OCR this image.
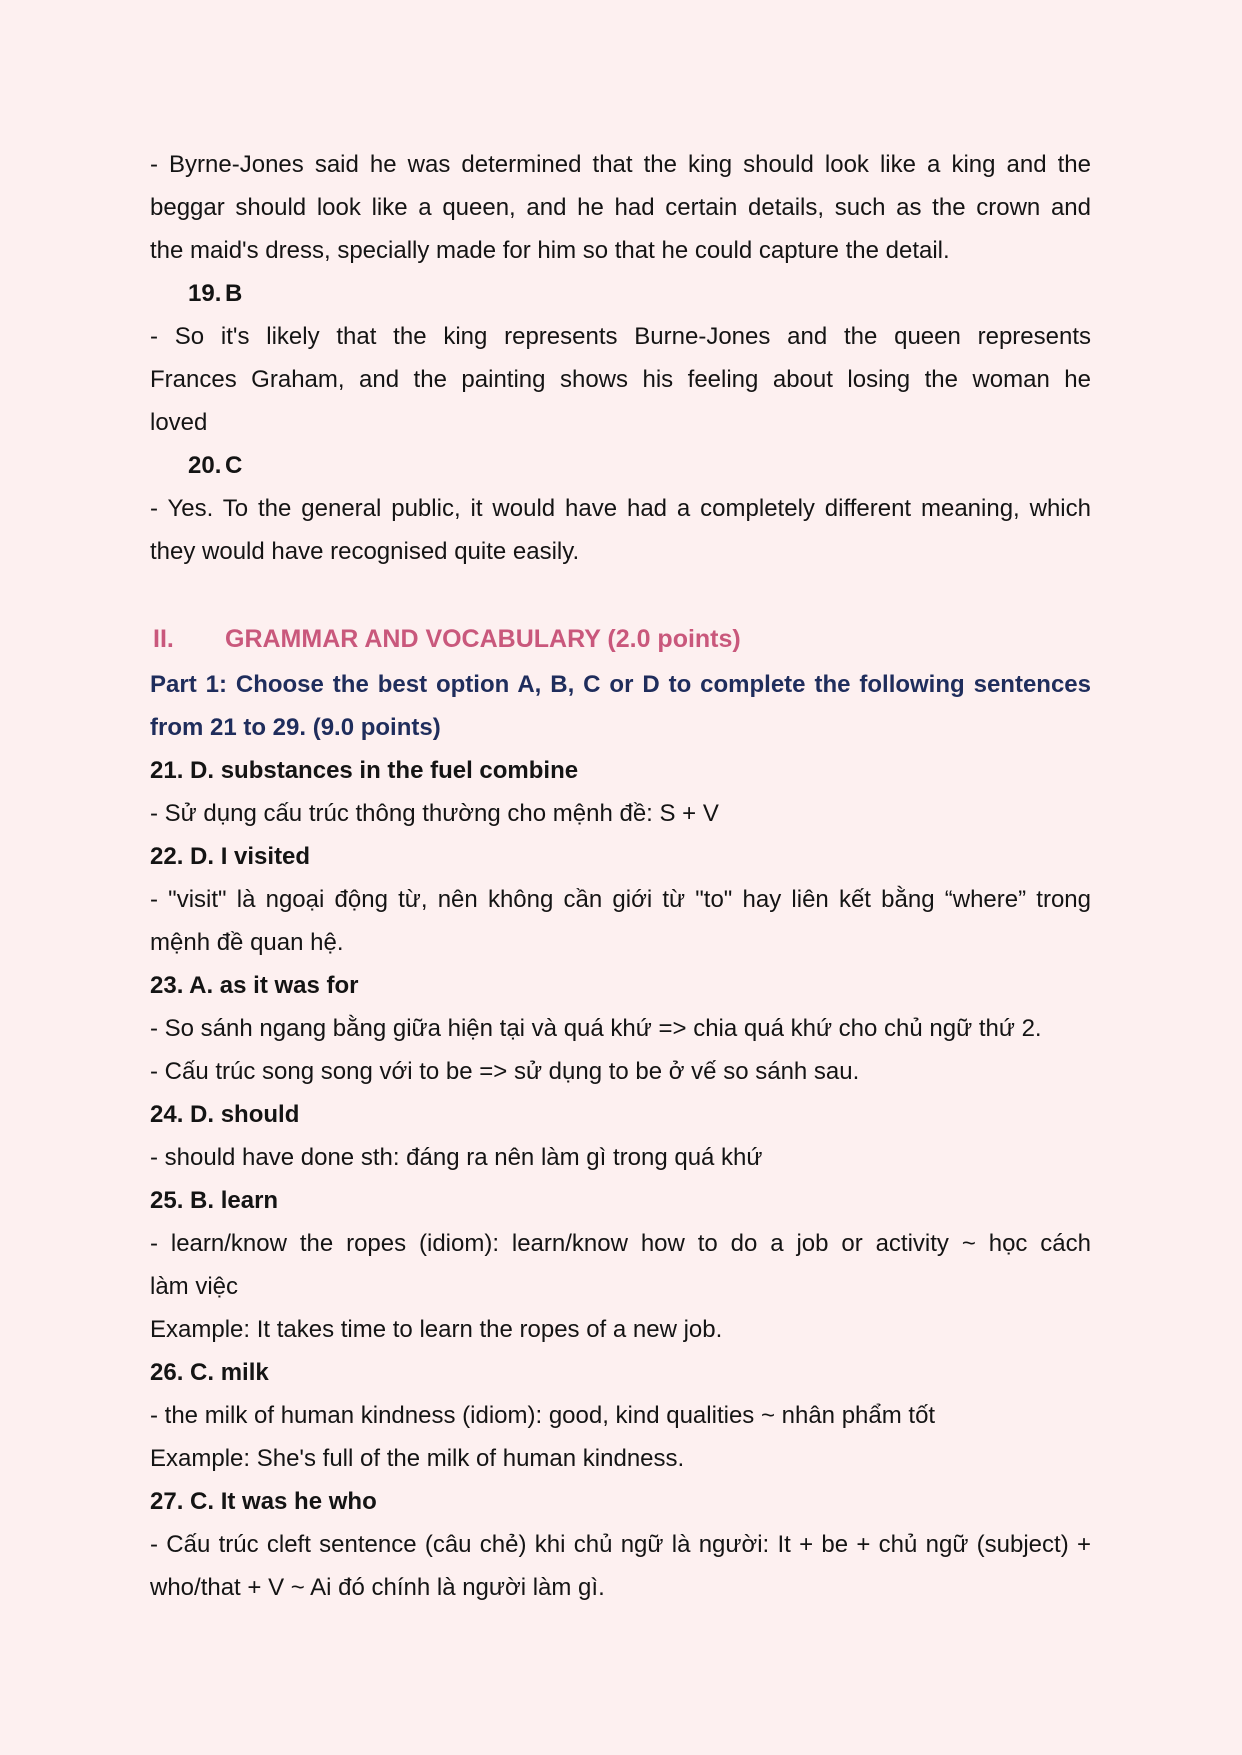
- Byrne-Jones said he was determined that the king should look like a king and the
beggar should look like a queen, and he had certain details, such as the crown and
the maid's dress, specially made for him so that he could capture the detail.
19. B
- So it's likely that the king represents Burne-Jones and the queen represents
Frances Graham, and the painting shows his feeling about losing the woman he
loved
20. C
- Yes. To the general public, it would have had a completely different meaning, which
they would have recognised quite easily.
II.	GRAMMAR AND VOCABULARY (2.0 points)
Part 1: Choose the best option A, B, C or D to complete the following sentences
from 21 to 29. (9.0 points)
21. D. substances in the fuel combine
- Sử dụng cấu trúc thông thường cho mệnh đề: S + V
22. D. I visited
- "visit" là ngoại động từ, nên không cần giới từ "to" hay liên kết bằng “where” trong
mệnh đề quan hệ.
23. A. as it was for
- So sánh ngang bằng giữa hiện tại và quá khứ => chia quá khứ cho chủ ngữ thứ 2.
- Cấu trúc song song với to be => sử dụng to be ở vế so sánh sau.
24. D. should
- should have done sth: đáng ra nên làm gì trong quá khứ
25. B. learn
- learn/know the ropes (idiom): learn/know how to do a job or activity ~ học cách
làm việc
Example: It takes time to learn the ropes of a new job.
26. C. milk
- the milk of human kindness (idiom): good, kind qualities ~ nhân phẩm tốt
Example: She's full of the milk of human kindness.
27. C. It was he who
- Cấu trúc cleft sentence (câu chẻ) khi chủ ngữ là người: It + be + chủ ngữ (subject) +
who/that + V ~ Ai đó chính là người làm gì.
